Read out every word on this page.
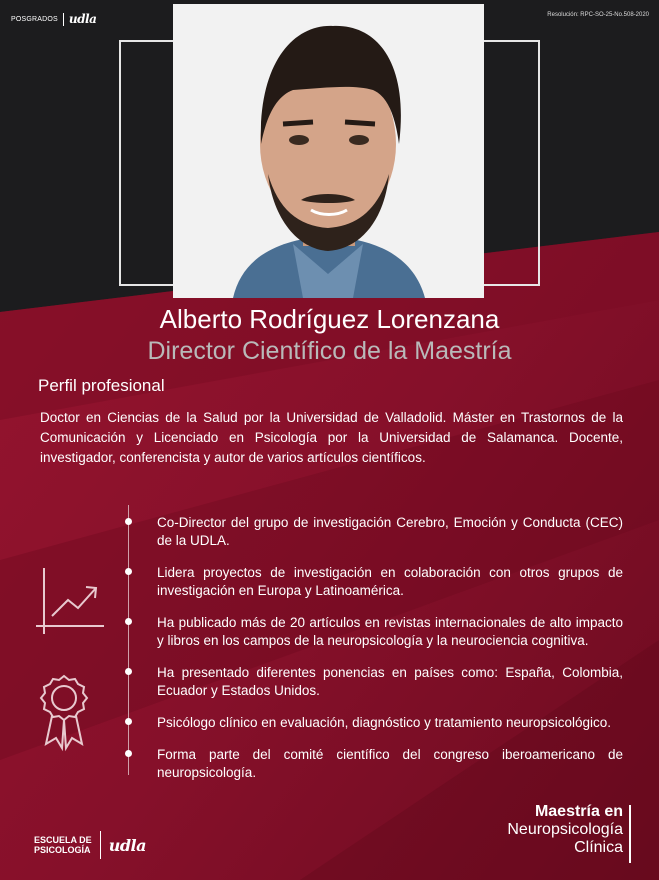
POSGRADOS udla	Resolución: RPC-SO-25-No.508-2020
Alberto Rodríguez Lorenzana
Director Científico de la Maestría
Perfil profesional
Doctor en Ciencias de la Salud por la Universidad de Valladolid. Máster en Trastornos de la Comunicación y Licenciado en Psicología por la Universidad de Salamanca. Docente, investigador, conferencista y autor de varios artículos científicos.
Co-Director del grupo de investigación Cerebro, Emoción y Conducta (CEC) de la UDLA.
Lidera proyectos de investigación en colaboración con otros grupos de investigación en Europa y Latinoamérica.
Ha publicado más de 20 artículos en revistas internacionales de alto impacto y libros en los campos de la neuropsicología y la neurociencia cognitiva.
Ha presentado diferentes ponencias en países como: España, Colombia, Ecuador y Estados Unidos.
Psicólogo clínico en evaluación, diagnóstico y tratamiento neuropsicológico.
Forma parte del comité científico del congreso iberoamericano de neuropsicología.
ESCUELA DE
PSICOLOGÍA udla
Maestría en
Neuropsicología
Clínica
